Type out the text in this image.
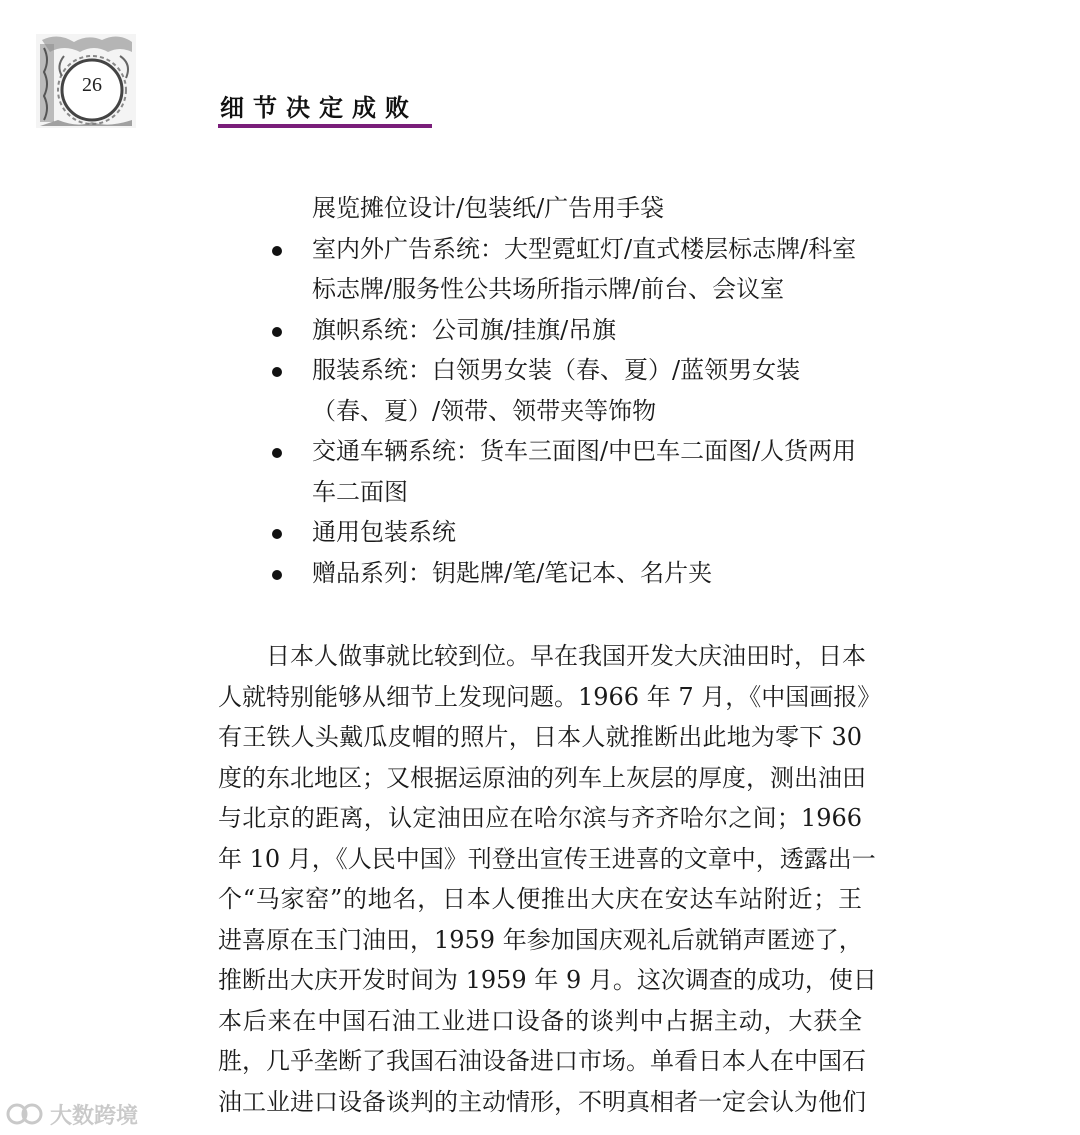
26
细节决定成败
展览摊位设计/包装纸/广告用手袋
室内外广告系统：大型霓虹灯/直式楼层标志牌/科室
标志牌/服务性公共场所指示牌/前台、会议室
旗帜系统：公司旗/挂旗/吊旗
服装系统：白领男女装（春、夏）/蓝领男女装
（春、夏）/领带、领带夹等饰物
交通车辆系统：货车三面图/中巴车二面图/人货两用
车二面图
通用包装系统
赠品系列：钥匙牌/笔/笔记本、名片夹
日本人做事就比较到位。早在我国开发大庆油田时，日本
人就特别能够从细节上发现问题。1966 年 7 月，《中国画报》
有王铁人头戴瓜皮帽的照片，日本人就推断出此地为零下 30
度的东北地区；又根据运原油的列车上灰层的厚度，测出油田
与北京的距离，认定油田应在哈尔滨与齐齐哈尔之间；1966
年 10 月，《人民中国》刊登出宣传王进喜的文章中，透露出一
个“马家窑”的地名，日本人便推出大庆在安达车站附近；王
进喜原在玉门油田，1959 年参加国庆观礼后就销声匿迹了，
推断出大庆开发时间为 1959 年 9 月。这次调查的成功，使日
本后来在中国石油工业进口设备的谈判中占据主动，大获全
胜，几乎垄断了我国石油设备进口市场。单看日本人在中国石
油工业进口设备谈判的主动情形，不明真相者一定会认为他们
大数跨境
